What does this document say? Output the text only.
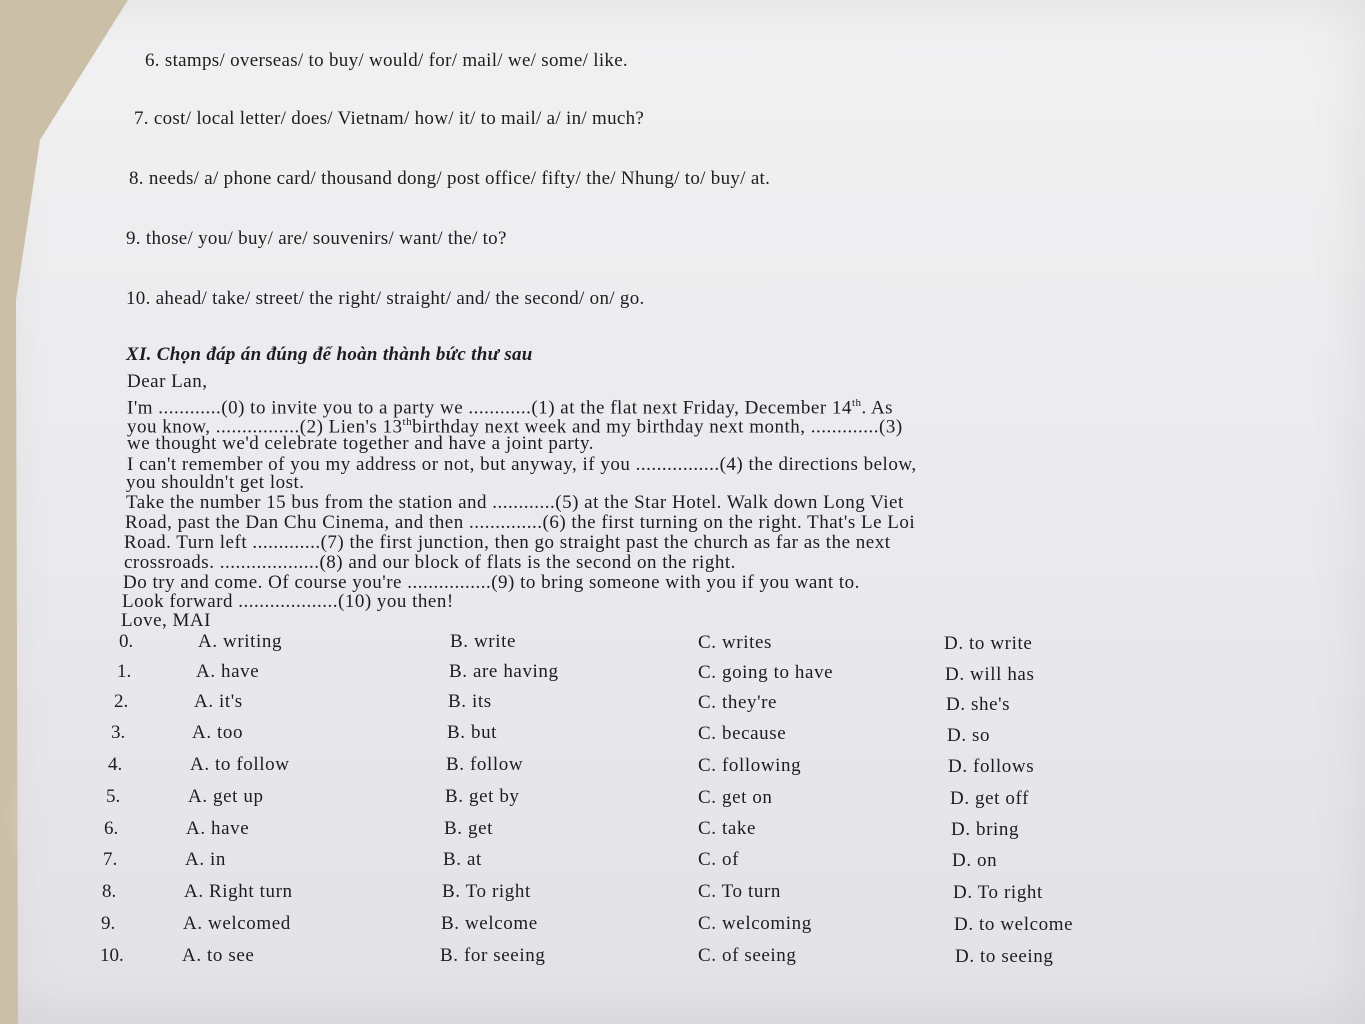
6. stamps/ overseas/ to buy/ would/ for/ mail/ we/ some/ like.
7. cost/ local letter/ does/ Vietnam/ how/ it/ to mail/ a/ in/ much?
8. needs/ a/ phone card/ thousand dong/ post office/ fifty/ the/ Nhung/ to/ buy/ at.
9. those/ you/ buy/ are/ souvenirs/ want/ the/ to?
10. ahead/ take/ street/ the right/ straight/ and/ the second/ on/ go.
XI. Chọn đáp án đúng để hoàn thành bức thư sau
Dear Lan,
I'm ............(0) to invite you to a party we ............(1) at the flat next Friday, December 14th. As
you know, ................(2) Lien's 13thbirthday next week and my birthday next month, .............(3)
we thought we'd celebrate together and have a joint party.
I can't remember of you my address or not, but anyway, if you ................(4) the directions below,
you shouldn't get lost.
Take the number 15 bus from the station and ............(5) at the Star Hotel. Walk down Long Viet
Road, past the Dan Chu Cinema, and then ..............(6) the first turning on the right. That's Le Loi
Road. Turn left .............(7) the first junction, then go straight past the church as far as the next
crossroads. ...................(8) and our block of flats is the second on the right.
Do try and come. Of course you're ................(9) to bring someone with you if you want to.
Look forward ...................(10) you then!
Love, MAI
0.	A. writing	B. write	C. writes	D. to write
1.	A. have	B. are having	C. going to have	D. will has
2.	A. it's	B. its	C. they're	D. she's
3.	A. too	B. but	C. because	D. so
4.	A. to follow	B. follow	C. following	D. follows
5.	A. get up	B. get by	C. get on	D. get off
6.	A. have	B. get	C. take	D. bring
7.	A. in	B. at	C. of	D. on
8.	A. Right turn	B. To right	C. To turn	D. To right
9.	A. welcomed	B. welcome	C. welcoming	D. to welcome
10.	A. to see	B. for seeing	C. of seeing	D. to seeing
